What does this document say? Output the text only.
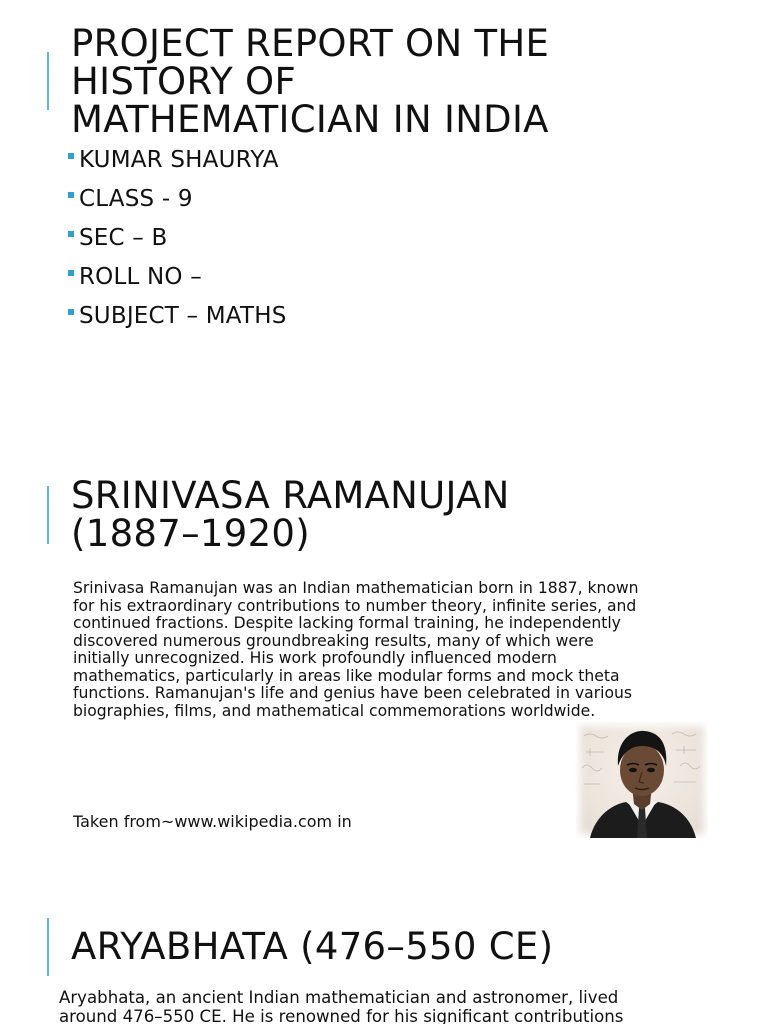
PROJECT REPORT ON THE
HISTORY OF
MATHEMATICIAN IN INDIA
KUMAR SHAURYA
CLASS - 9
SEC – B
ROLL NO –
SUBJECT – MATHS
SRINIVASA RAMANUJAN
(1887–1920)
Srinivasa Ramanujan was an Indian mathematician born in 1887, known
for his extraordinary contributions to number theory, infinite series, and
continued fractions. Despite lacking formal training, he independently
discovered numerous groundbreaking results, many of which were
initially unrecognized. His work profoundly influenced modern
mathematics, particularly in areas like modular forms and mock theta
functions. Ramanujan's life and genius have been celebrated in various
biographies, films, and mathematical commemorations worldwide.
Taken from~www.wikipedia.com in
ARYABHATA (476–550 CE)
Aryabhata, an ancient Indian mathematician and astronomer, lived
around 476–550 CE. He is renowned for his significant contributions
